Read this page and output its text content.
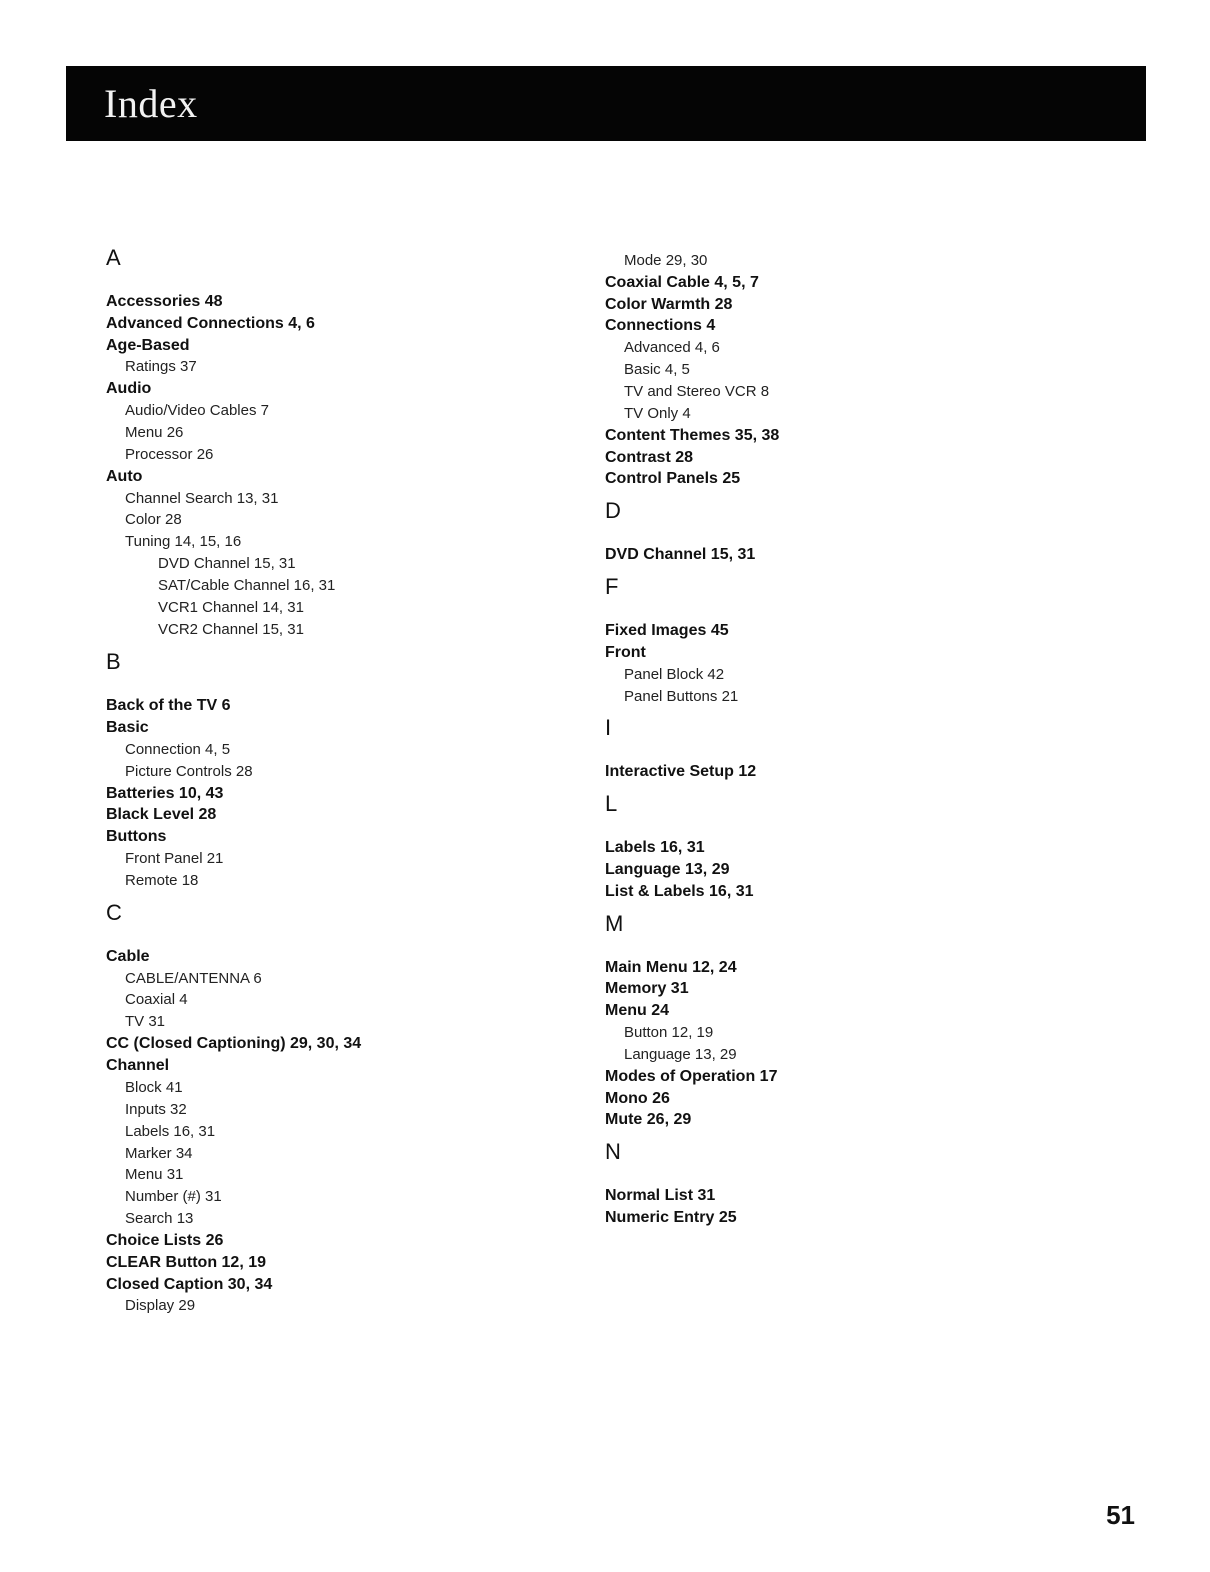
Index
A
Accessories 48
Advanced Connections 4, 6
Age-Based
Ratings 37
Audio
Audio/Video Cables 7
Menu 26
Processor 26
Auto
Channel Search 13, 31
Color 28
Tuning 14, 15, 16
DVD Channel 15, 31
SAT/Cable Channel 16, 31
VCR1 Channel 14, 31
VCR2 Channel 15, 31
B
Back of the TV 6
Basic
Connection 4, 5
Picture Controls 28
Batteries 10, 43
Black Level 28
Buttons
Front Panel 21
Remote 18
C
Cable
CABLE/ANTENNA 6
Coaxial 4
TV 31
CC (Closed Captioning) 29, 30, 34
Channel
Block 41
Inputs 32
Labels 16, 31
Marker 34
Menu 31
Number (#) 31
Search 13
Choice Lists 26
CLEAR Button 12, 19
Closed Caption 30, 34
Display 29
Mode 29, 30
Coaxial Cable 4, 5, 7
Color Warmth 28
Connections 4
Advanced 4, 6
Basic 4, 5
TV and Stereo VCR 8
TV Only 4
Content Themes 35, 38
Contrast 28
Control Panels 25
D
DVD Channel 15, 31
F
Fixed Images 45
Front
Panel Block 42
Panel Buttons 21
I
Interactive Setup 12
L
Labels 16, 31
Language 13, 29
List & Labels 16, 31
M
Main Menu 12, 24
Memory 31
Menu 24
Button 12, 19
Language 13, 29
Modes of Operation 17
Mono 26
Mute 26, 29
N
Normal List 31
Numeric Entry 25
51
